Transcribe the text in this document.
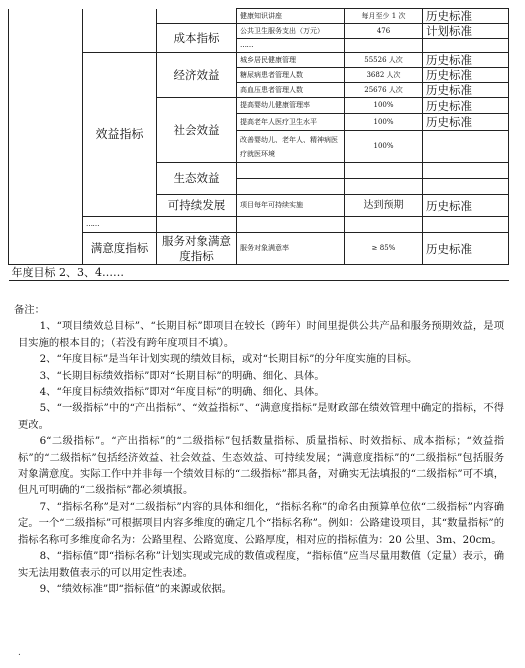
			健康知识讲座	每月至少 1 次	历史标准
		成本指标	公共卫生服务支出（万元）	476	计划标准
			……		
	效益指标	经济效益	城乡居民健康管理	55526 人次	历史标准
			糖尿病患者管理人数	3682 人次	历史标准
			高血压患者管理人数	25676 人次	历史标准
		社会效益	提高婴幼儿健康管理率	100%	历史标准
			提高老年人医疗卫生水平	100%	历史标准
			改善婴幼儿、老年人、精神病医疗就医环境	100%	
		生态效益			

		可持续发展	项目每年可持续实施	达到预期	历史标准
	……				
	满意度指标	服务对象满意度指标	服务对象满意率	≥ 85%	历史标准
年度目标 2、3、4……					

备注：

1、“项目绩效总目标”、“长期目标”即项目在较长（跨年）时间里提供公共产品和服务预期效益，是项目实施的根本目的；（若没有跨年度项目不填）。

2、“年度目标”是当年计划实现的绩效目标，或对“长期目标”的分年度实施的目标。

3、“长期目标绩效指标”即对“长期目标”的明确、细化、具体。

4、“年度目标绩效指标”即对“年度目标”的明确、细化、具体。

5、“一级指标”中的“产出指标”、“效益指标”、“满意度指标”是财政部在绩效管理中确定的指标，不得更改。

6“二级指标”。“产出指标”的“二级指标”包括数量指标、质量指标、时效指标、成本指标；“效益指标”的“二级指标”包括经济效益、社会效益、生态效益、可持续发展；“满意度指标”的“二级指标”包括服务对象满意度。实际工作中并非每一个绩效目标的“二级指标”都具备，对确实无法填报的“二级指标”可不填，但凡可明确的“二级指标”都必须填报。

7、“指标名称”是对“二级指标”内容的具体和细化，“指标名称”的命名由预算单位依“二级指标”内容确定。一个“二级指标”可根据项目内容多维度的确定几个“指标名称”。例如：公路建设项目，其“数量指标”的指标名称可多维度命名为：公路里程、公路宽度、公路厚度，相对应的指标值为：20 公里、3m、20cm。

8、“指标值”即“指标名称”计划实现或完成的数值或程度，“指标值”应当尽量用数值（定量）表示，确实无法用数值表示的可以用定性表述。

9、“绩效标准”即“指标值”的来源或依据。

.
